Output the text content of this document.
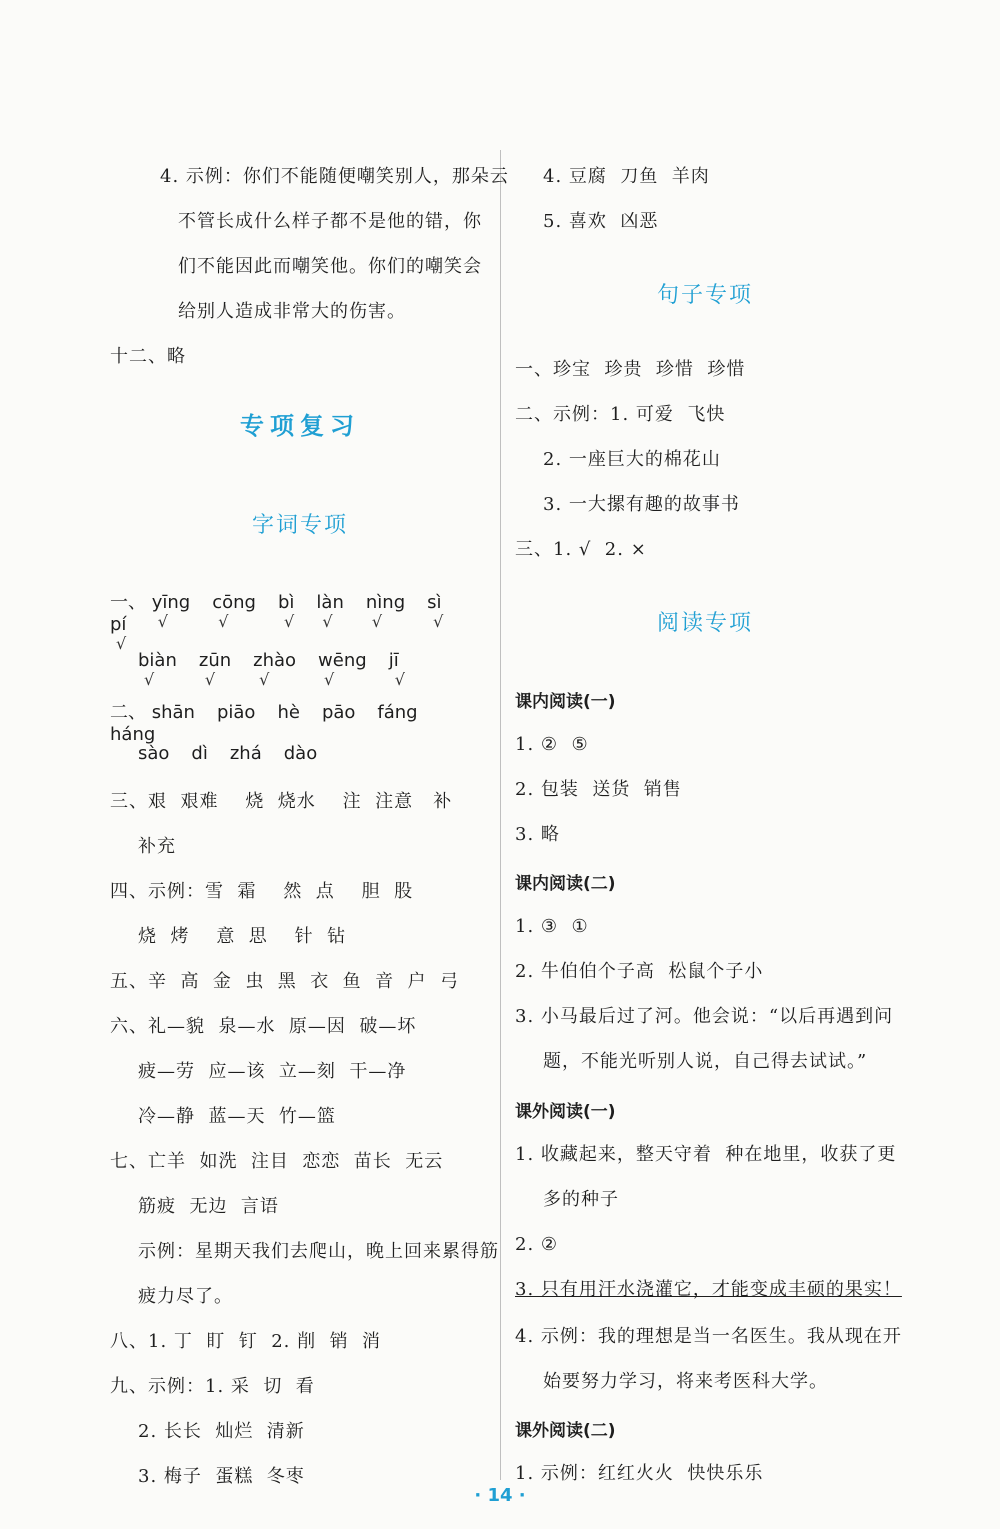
专项复习
字词专项
一、 yīng
√
cōng
√
bì
√
làn
√
nìng
√
sì
√
pí
√
biàn
√
zūn
√
zhào
√
wēng
√
jī
√
二、 shān piāo hè pāo fángháng
sào dì zhá dào
4. 示例：你们不能随便嘲笑别人，那朵云
不管长成什么样子都不是他的错，你
们不能因此而嘲笑他。你们的嘲笑会
给别人造成非常大的伤害。
十二、略
三、艰  艰难    烧  烧水    注  注意   补
补充
四、示例：雪  霜    然  点    胆  股
烧  烤    意  思    针  钻
五、辛  高  金  虫  黑  衣  鱼  音  户  弓
六、礼—貌  泉—水  原—因  破—坏
疲—劳  应—该  立—刻  干—净
冷—静  蓝—天  竹—篮
七、亡羊  如洗  注目  恋恋  苗长  无云
筋疲  无边  言语
示例：星期天我们去爬山，晚上回来累得筋
疲力尽了。
八、1. 丁  盯  钉  2. 削  销  消
九、示例：1. 采  切  看
2. 长长  灿烂  清新
3. 梅子  蛋糕  冬枣
句子专项
阅读专项
课内阅读(一)
课内阅读(二)
课外阅读(一)
课外阅读(二)
4. 豆腐  刀鱼  羊肉
5. 喜欢  凶恶
一、珍宝  珍贵  珍惜  珍惜
二、示例：1. 可爱  飞快
2. 一座巨大的棉花山
3. 一大摞有趣的故事书
三、1. √  2. ×
1. ②  ⑤
2. 包装  送货  销售
3. 略
1. ③  ①
2. 牛伯伯个子高  松鼠个子小
3. 小马最后过了河。他会说：“以后再遇到问
题，不能光听别人说，自己得去试试。”
1. 收藏起来，整天守着  种在地里，收获了更
多的种子
2. ②
4. 示例：我的理想是当一名医生。我从现在开
始要努力学习，将来考医科大学。
1. 示例：红红火火  快快乐乐
3. 只有用汗水浇灌它，才能变成丰硕的果实！
· 14 ·
